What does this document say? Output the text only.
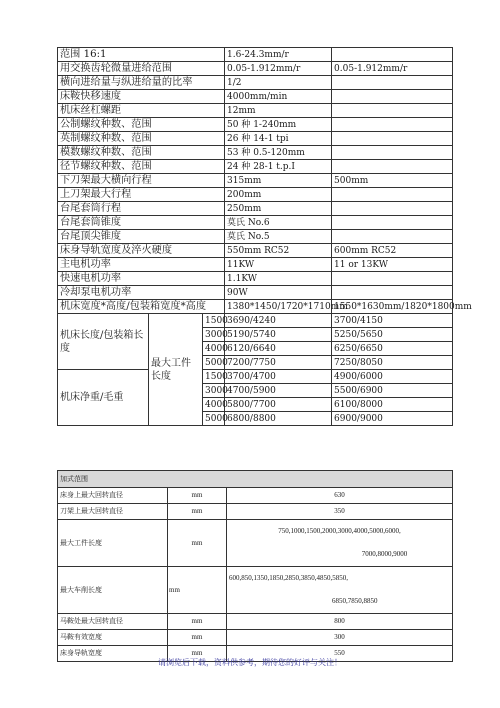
范围 16:1			1.6-24.3mm/r	
用交换齿轮微量进给范围			0.05-1.912mm/r	0.05-1.912mm/r
横向进给量与纵进给量的比率			1/2	
床鞍快移速度			4000mm/min	
机床丝杠螺距			12mm	
公制螺纹种数、范围			50 种 1-240mm	
英制螺纹种数、范围			26 种 14-1 tpi	
模数螺纹种数、范围			53 种 0.5-120mm	
径节螺纹种数、范围			24 种 28-1 t.p.I	
下刀架最大横向行程			315mm	500mm
上刀架最大行程			200mm	
台尾套筒行程			250mm	
台尾套筒锥度			莫氏 No.6	
台尾顶尖锥度			莫氏 No.5	
床身导轨宽度及淬火硬度			550mm RC52	600mm RC52
主电机功率			11KW	11 or 13KW
快速电机功率			1.1KW	
冷却泵电机功率			90W	
机床宽度*高度/包装箱宽度*高度			1380*1450/1720*1710mm	1550*1630mm/1820*1800mm
机床长度/包装箱长度	最大工件长度	1500	3690/4240	3700/4150
		3000	5190/5740	5250/5650
		4000	6120/6640	6250/6650
		5000	7200/7750	7250/8050
机床净重/毛重		1500	3700/4700	4900/6000
		3000	4700/5900	5500/6900
		4000	5800/7700	6100/8000
		5000	6800/8800	6900/9000
加式范围		
床身上最大回转直径	mm	630
刀架上最大回转直径	mm	350
最大工件长度	mm	750,1000,1500,2000,3000,4000,5000,6000,
7000,8000,9000

最大车削长度	mm	600,850,1350,1850,2850,3850,4850,5850,
6850,7850,8850

马鞍处最大回转直径	mm	800
马鞍有效宽度	mm	300
床身导轨宽度	mm	550
请浏览后下载，资料供参考，期待您的好评与关注！
